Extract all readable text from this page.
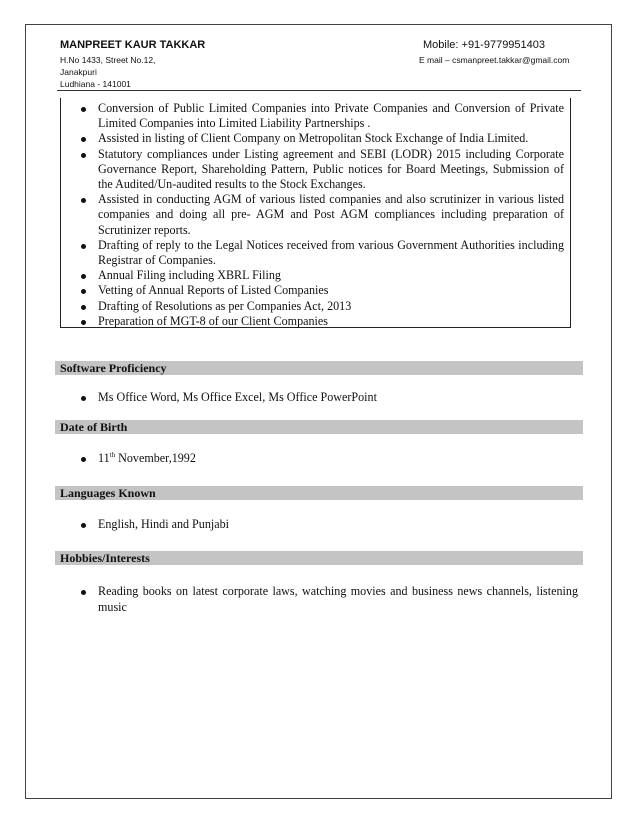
MANPREET KAUR TAKKAR	Mobile: +91-9779951403
H.No 1433, Street No.12,	E mail – csmanpreet.takkar@gmail.com
Janakpuri
Ludhiana - 141001
Conversion of Public Limited Companies into Private Companies and Conversion of Private Limited Companies into Limited Liability Partnerships .
Assisted in listing of Client Company on Metropolitan Stock Exchange of India Limited.
Statutory compliances under Listing agreement and SEBI (LODR) 2015 including Corporate Governance Report, Shareholding Pattern, Public notices for Board Meetings, Submission of the Audited/Un-audited results to the Stock Exchanges.
Assisted in conducting AGM of various listed companies and also scrutinizer in various listed companies and doing all pre- AGM and Post AGM compliances including preparation of Scrutinizer reports.
Drafting of reply to the Legal Notices received from various Government Authorities including Registrar of Companies.
Annual Filing including XBRL Filing
Vetting of Annual Reports of Listed Companies
Drafting of Resolutions as per Companies Act, 2013
Preparation of MGT-8 of our Client Companies
Software Proficiency
Ms Office Word, Ms Office Excel, Ms Office PowerPoint
Date of Birth
11th November,1992
Languages Known
English, Hindi and Punjabi
Hobbies/Interests
Reading books on latest corporate laws, watching movies and business news channels, listening music
